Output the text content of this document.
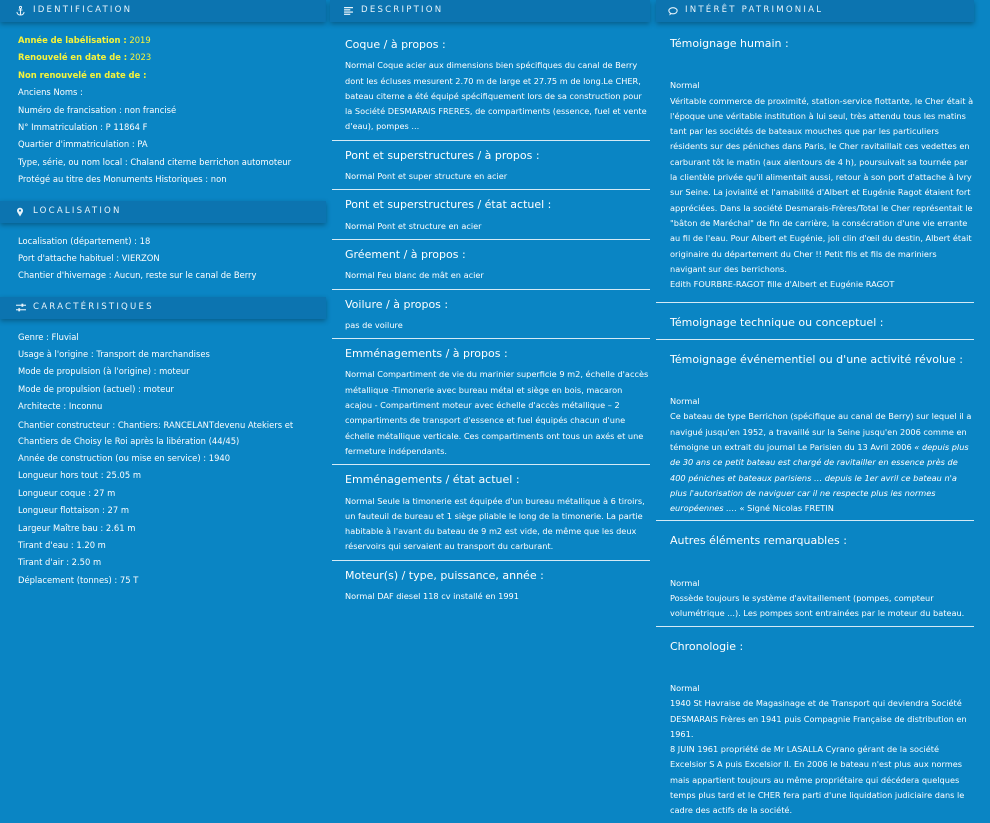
IDENTIFICATION
Année de labélisation : 2019
Renouvelé en date de : 2023
Non renouvelé en date de :
Anciens Noms :
Numéro de francisation : non francisé
N° Immatriculation : P 11864 F
Quartier d'immatriculation : PA
Type, série, ou nom local : Chaland citerne berrichon automoteur
Protégé au titre des Monuments Historiques : non
LOCALISATION
Localisation (département) : 18
Port d'attache habituel : VIERZON
Chantier d'hivernage : Aucun, reste sur le canal de Berry
CARACTÉRISTIQUES
Genre : Fluvial
Usage à l'origine : Transport de marchandises
Mode de propulsion (à l'origine) : moteur
Mode de propulsion (actuel) : moteur
Architecte : Inconnu
Chantier constructeur : Chantiers: RANCELANTdevenu Atekiers et Chantiers de Choisy le Roi après la libération (44/45)
Année de construction (ou mise en service) : 1940
Longueur hors tout : 25.05 m
Longueur coque : 27 m
Longueur flottaison : 27 m
Largeur Maître bau : 2.61 m
Tirant d'eau : 1.20 m
Tirant d'air : 2.50 m
Déplacement (tonnes) : 75 T
DESCRIPTION
Coque / à propos :

Normal Coque acier aux dimensions bien spécifiques du canal de Berry dont les écluses mesurent 2.70 m de large et 27.75 m de long.Le CHER, bateau citerne a été équipé spécifiquement lors de sa construction pour la Société DESMARAIS FRERES, de compartiments (essence, fuel et vente d'eau), pompes ...

Pont et superstructures / à propos :

Normal Pont et super structure en acier

Pont et superstructures / état actuel :

Normal Pont et structure en acier

Gréement / à propos :

Normal Feu blanc de mât en acier

Voilure / à propos :

pas de voilure

Emménagements / à propos :

Normal Compartiment de vie du marinier superficie 9 m2, échelle d'accès métallique -Timonerie avec bureau métal et siège en bois, macaron acajou - Compartiment moteur avec échelle d'accès métallique – 2 compartiments de transport d'essence et fuel équipés chacun d'une échelle métallique verticale. Ces compartiments ont tous un axés et une fermeture indépendants.

Emménagements / état actuel :

Normal Seule la timonerie est équipée d'un bureau métallique à 6 tiroirs, un fauteuil de bureau et 1 siège pliable le long de la timonerie. La partie habitable à l'avant du bateau de 9 m2 est vide, de même que les deux réservoirs qui servaient au transport du carburant.

Moteur(s) / type, puissance, année :

Normal DAF diesel 118 cv installé en 1991

INTÉRÊT PATRIMONIAL
Témoignage humain :
Normal
Véritable commerce de proximité, station-service flottante, le Cher était à l'époque une véritable institution à lui seul, très attendu tous les matins tant par les sociétés de bateaux mouches que par les particuliers résidents sur des péniches dans Paris, le Cher ravitaillait ces vedettes en carburant tôt le matin (aux alentours de 4 h), poursuivait sa tournée par la clientèle privée qu'il alimentait aussi, retour à son port d'attache à Ivry sur Seine. La jovialité et l'amabilité d'Albert et Eugénie Ragot étaient fort appréciées. Dans la société Desmarais-Frères/Total le Cher représentait le "bâton de Maréchal" de fin de carrière, la consécration d'une vie errante au fil de l'eau. Pour Albert et Eugénie, joli clin d'œil du destin, Albert était originaire du département du Cher !! Petit fils et fils de mariniers navigant sur des berrichons.
Edith FOURBRE-RAGOT fille d'Albert et Eugénie RAGOT
Témoignage technique ou conceptuel :
Témoignage événementiel ou d'une activité révolue :
Normal
Ce bateau de type Berrichon (spécifique au canal de Berry) sur lequel il a navigué jusqu'en 1952, a travaillé sur la Seine jusqu'en 2006 comme en témoigne un extrait du journal Le Parisien du 13 Avril 2006 « depuis plus de 30 ans ce petit bateau est chargé de ravitailler en essence près de 400 péniches et bateaux parisiens … depuis le 1er avril ce bateau n'a plus l'autorisation de naviguer car il ne respecte plus les normes européennes …. « Signé Nicolas FRETIN
Autres éléments remarquables :
Normal
Possède toujours le système d'avitaillement (pompes, compteur volumétrique ...). Les pompes sont entrainées par le moteur du bateau.
Chronologie :
Normal
1940 St Havraise de Magasinage et de Transport qui deviendra Société DESMARAIS Frères en 1941 puis Compagnie Française de distribution en 1961.
8 JUIN 1961 propriété de Mr LASALLA Cyrano gérant de la société Excelsior S A puis Excelsior II. En 2006 le bateau n'est plus aux normes mais appartient toujours au même propriétaire qui décédera quelques temps plus tard et le CHER fera parti d'une liquidation judiciaire dans le cadre des actifs de la société.
